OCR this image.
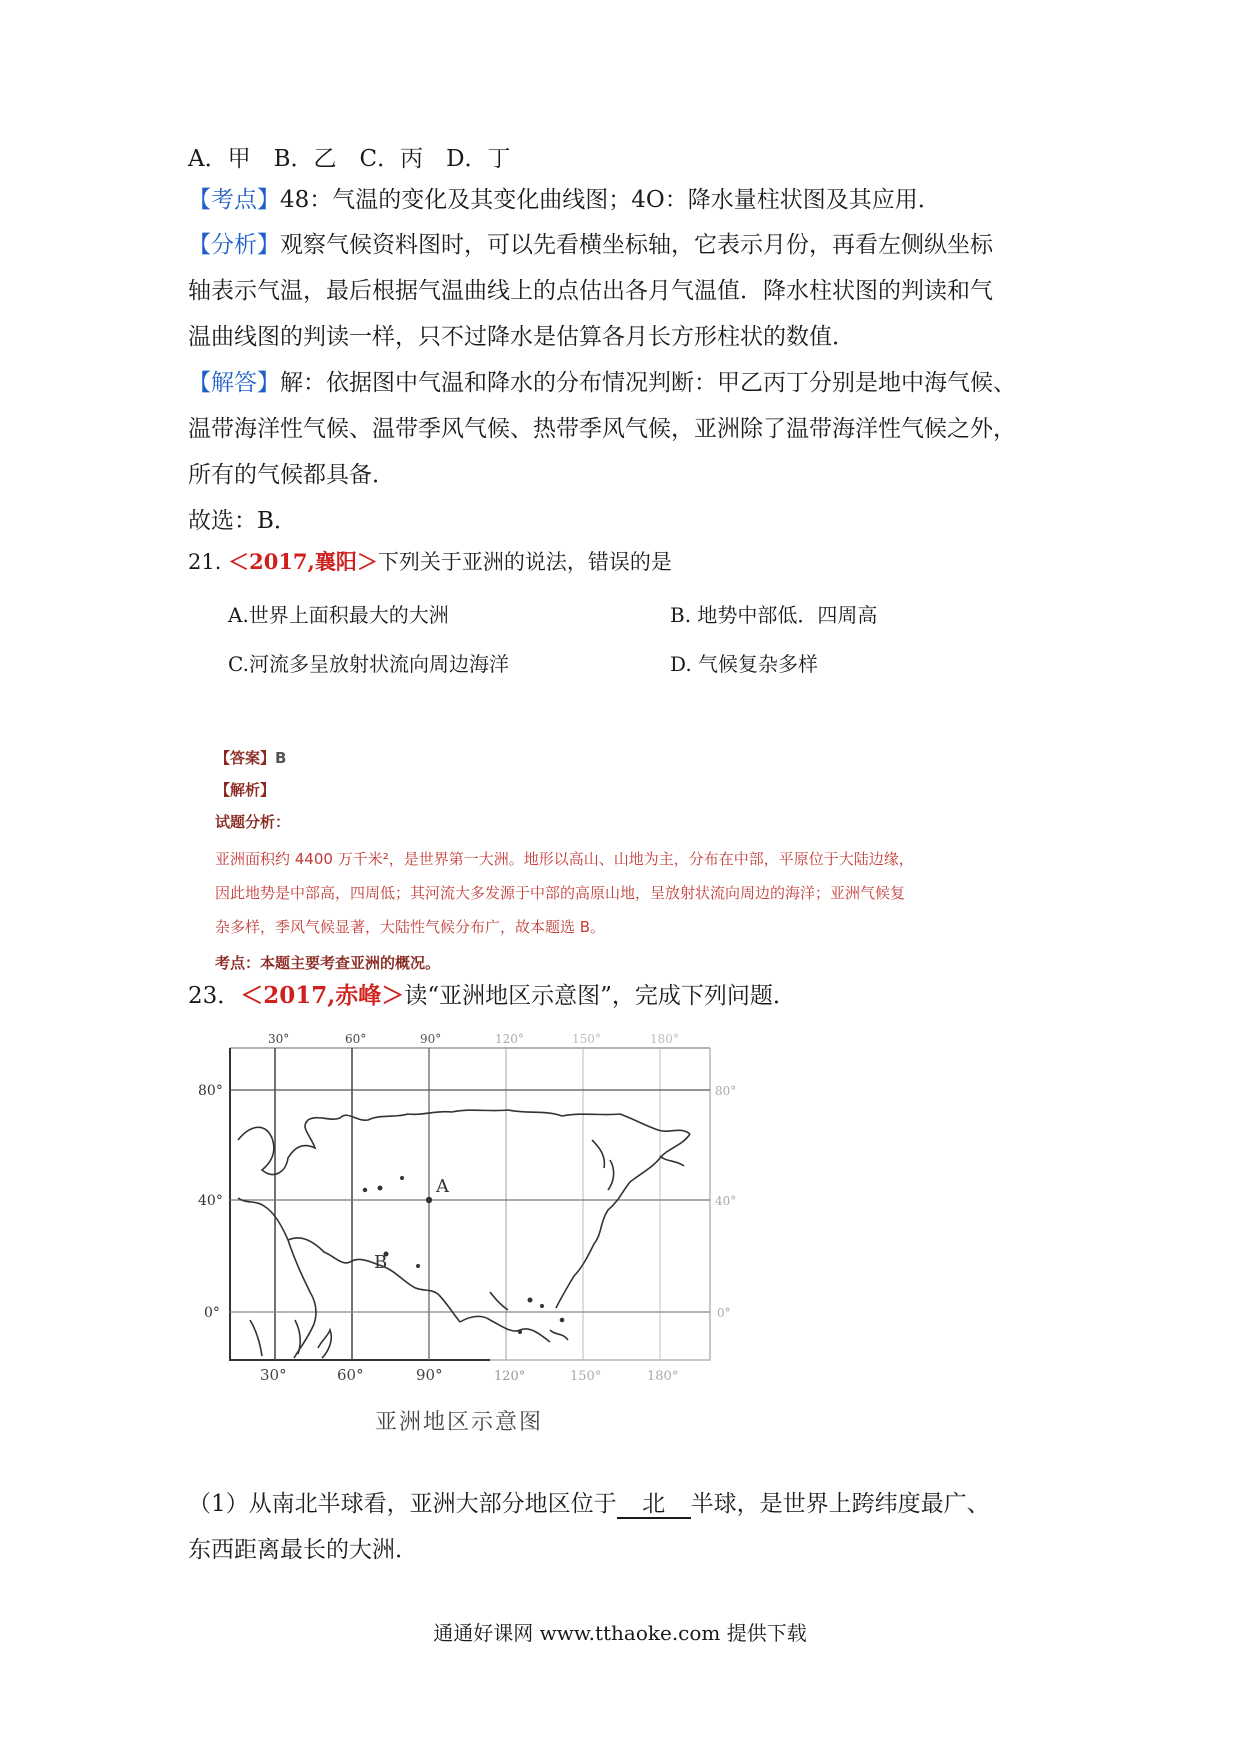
A．甲　B．乙　C．丙　D．丁
【考点】48：气温的变化及其变化曲线图；4O：降水量柱状图及其应用．
【分析】观察气候资料图时，可以先看横坐标轴，它表示月份，再看左侧纵坐标
轴表示气温，最后根据气温曲线上的点估出各月气温值．降水柱状图的判读和气
温曲线图的判读一样，只不过降水是估算各月长方形柱状的数值．
【解答】解：依据图中气温和降水的分布情况判断：甲乙丙丁分别是地中海气候、
温带海洋性气候、温带季风气候、热带季风气候，亚洲除了温带海洋性气候之外，
所有的气候都具备．
故选：B．
21. ＜2017,襄阳＞下列关于亚洲的说法，错误的是
A.世界上面积最大的大洲	B. 地势中部低．四周高
C.河流多呈放射状流向周边海洋	D. 气候复杂多样
【答案】B
【解析】
试题分析：
亚洲面积约 4400 万千米²，是世界第一大洲。地形以高山、山地为主，分布在中部，平原位于大陆边缘，
因此地势是中部高，四周低；其河流大多发源于中部的高原山地，呈放射状流向周边的海洋；亚洲气候复
杂多样，季风气候显著，大陆性气候分布广，故本题选 B。
考点：本题主要考查亚洲的概况。
23．＜2017,赤峰＞读“亚洲地区示意图”，完成下列问题．
A
B
30°	60°	90°	120°	150°	180°
30°	60°	90°	120°	150°	180°
80°
40°
0°
80°
40°
0°
亚洲地区示意图
（1）从南北半球看，亚洲大部分地区位于 北 半球，是世界上跨纬度最广、
东西距离最长的大洲．
通通好课网 www.tthaoke.com 提供下载
